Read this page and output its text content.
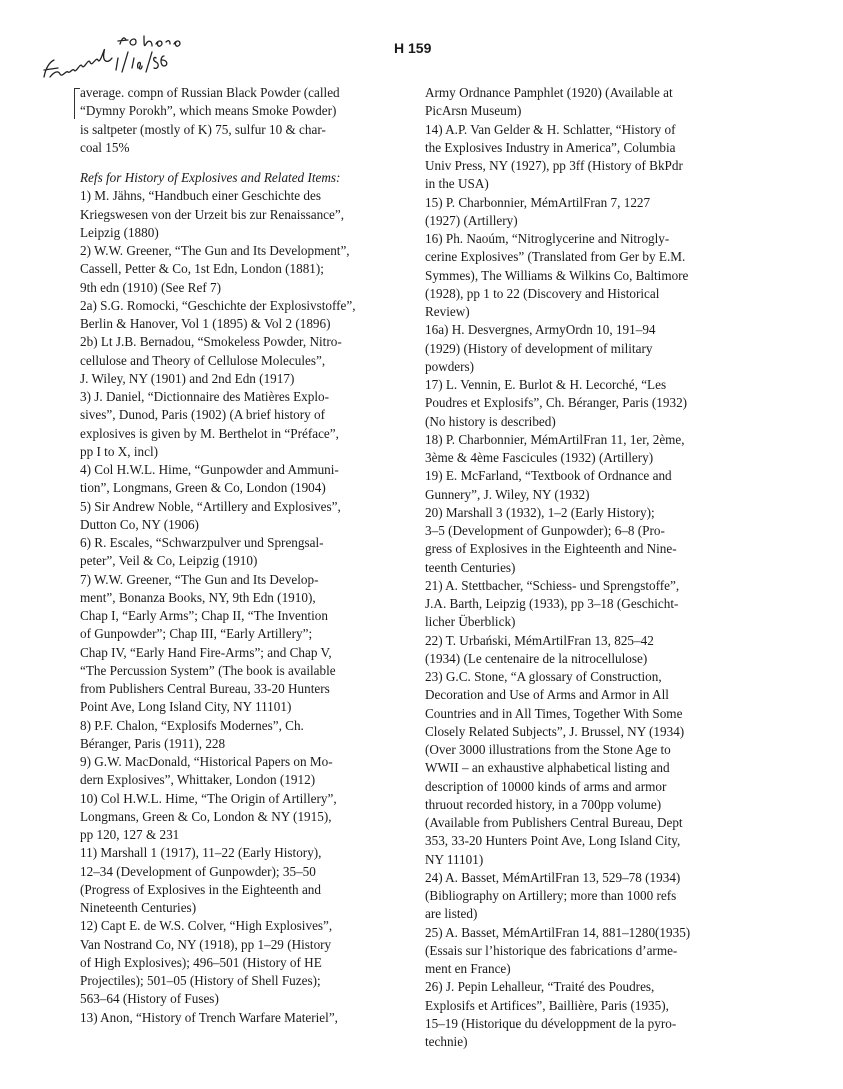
H 159
average. compn of Russian Black Powder (called
“Dymny Porokh”, which means Smoke Powder)
is saltpeter (mostly of K) 75, sulfur 10 & char-
coal 15%
Refs for History of Explosives and Related Items:
1) M. Jähns, “Handbuch einer Geschichte des
Kriegswesen von der Urzeit bis zur Renaissance”,
Leipzig (1880)
2) W.W. Greener, “The Gun and Its Development”,
Cassell, Petter & Co, 1st Edn, London (1881);
9th edn (1910) (See Ref 7)
2a) S.G. Romocki, “Geschichte der Explosivstoffe”,
Berlin & Hanover, Vol 1 (1895) & Vol 2 (1896)
2b) Lt J.B. Bernadou, “Smokeless Powder, Nitro-
cellulose and Theory of Cellulose Molecules”,
J. Wiley, NY (1901) and 2nd Edn (1917)
3) J. Daniel, “Dictionnaire des Matières Explo-
sives”, Dunod, Paris (1902) (A brief history of
explosives is given by M. Berthelot in “Préface”,
pp I to X, incl)
4) Col H.W.L. Hime, “Gunpowder and Ammuni-
tion”, Longmans, Green & Co, London (1904)
5) Sir Andrew Noble, “Artillery and Explosives”,
Dutton Co, NY (1906)
6) R. Escales, “Schwarzpulver und Sprengsal-
peter”, Veil & Co, Leipzig (1910)
7) W.W. Greener, “The Gun and Its Develop-
ment”, Bonanza Books, NY, 9th Edn (1910),
Chap I, “Early Arms”; Chap II, “The Invention
of Gunpowder”; Chap III, “Early Artillery”;
Chap IV, “Early Hand Fire-Arms”; and Chap V,
“The Percussion System” (The book is available
from Publishers Central Bureau, 33-20 Hunters
Point Ave, Long Island City, NY 11101)
8) P.F. Chalon, “Explosifs Modernes”, Ch.
Béranger, Paris (1911), 228
9) G.W. MacDonald, “Historical Papers on Mo-
dern Explosives”, Whittaker, London (1912)
10) Col H.W.L. Hime, “The Origin of Artillery”,
Longmans, Green & Co, London & NY (1915),
pp 120, 127 & 231
11) Marshall 1 (1917), 11–22 (Early History),
12–34 (Development of Gunpowder); 35–50
(Progress of Explosives in the Eighteenth and
Nineteenth Centuries)
12) Capt E. de W.S. Colver, “High Explosives”,
Van Nostrand Co, NY (1918), pp 1–29 (History
of High Explosives); 496–501 (History of HE
Projectiles); 501–05 (History of Shell Fuzes);
563–64 (History of Fuses)
13) Anon, “History of Trench Warfare Materiel”,
Army Ordnance Pamphlet (1920) (Available at
PicArsn Museum)
14) A.P. Van Gelder & H. Schlatter, “History of
the Explosives Industry in America”, Columbia
Univ Press, NY (1927), pp 3ff (History of BkPdr
in the USA)
15) P. Charbonnier, MémArtilFran 7, 1227
(1927) (Artillery)
16) Ph. Naoúm, “Nitroglycerine and Nitrogly-
cerine Explosives” (Translated from Ger by E.M.
Symmes), The Williams & Wilkins Co, Baltimore
(1928), pp 1 to 22 (Discovery and Historical
Review)
16a) H. Desvergnes, ArmyOrdn 10, 191–94
(1929) (History of development of military
powders)
17) L. Vennin, E. Burlot & H. Lecorché, “Les
Poudres et Explosifs”, Ch. Béranger, Paris (1932)
(No history is described)
18) P. Charbonnier, MémArtilFran 11, 1er, 2ème,
3ème & 4ème Fascicules (1932) (Artillery)
19) E. McFarland, “Textbook of Ordnance and
Gunnery”, J. Wiley, NY (1932)
20) Marshall 3 (1932), 1–2 (Early History);
3–5 (Development of Gunpowder); 6–8 (Pro-
gress of Explosives in the Eighteenth and Nine-
teenth Centuries)
21) A. Stettbacher, “Schiess- und Sprengstoffe”,
J.A. Barth, Leipzig (1933), pp 3–18 (Geschicht-
licher Überblick)
22) T. Urbański, MémArtilFran 13, 825–42
(1934) (Le centenaire de la nitrocellulose)
23) G.C. Stone, “A glossary of Construction,
Decoration and Use of Arms and Armor in All
Countries and in All Times, Together With Some
Closely Related Subjects”, J. Brussel, NY (1934)
(Over 3000 illustrations from the Stone Age to
WWII – an exhaustive alphabetical listing and
description of 10000 kinds of arms and armor
thruout recorded history, in a 700pp volume)
(Available from Publishers Central Bureau, Dept
353, 33-20 Hunters Point Ave, Long Island City,
NY 11101)
24) A. Basset, MémArtilFran 13, 529–78 (1934)
(Bibliography on Artillery; more than 1000 refs
are listed)
25) A. Basset, MémArtilFran 14, 881–1280(1935)
(Essais sur l’historique des fabrications d’arme-
ment en France)
26) J. Pepin Lehalleur, “Traité des Poudres,
Explosifs et Artifices”, Baillière, Paris (1935),
15–19 (Historique du développment de la pyro-
technie)
